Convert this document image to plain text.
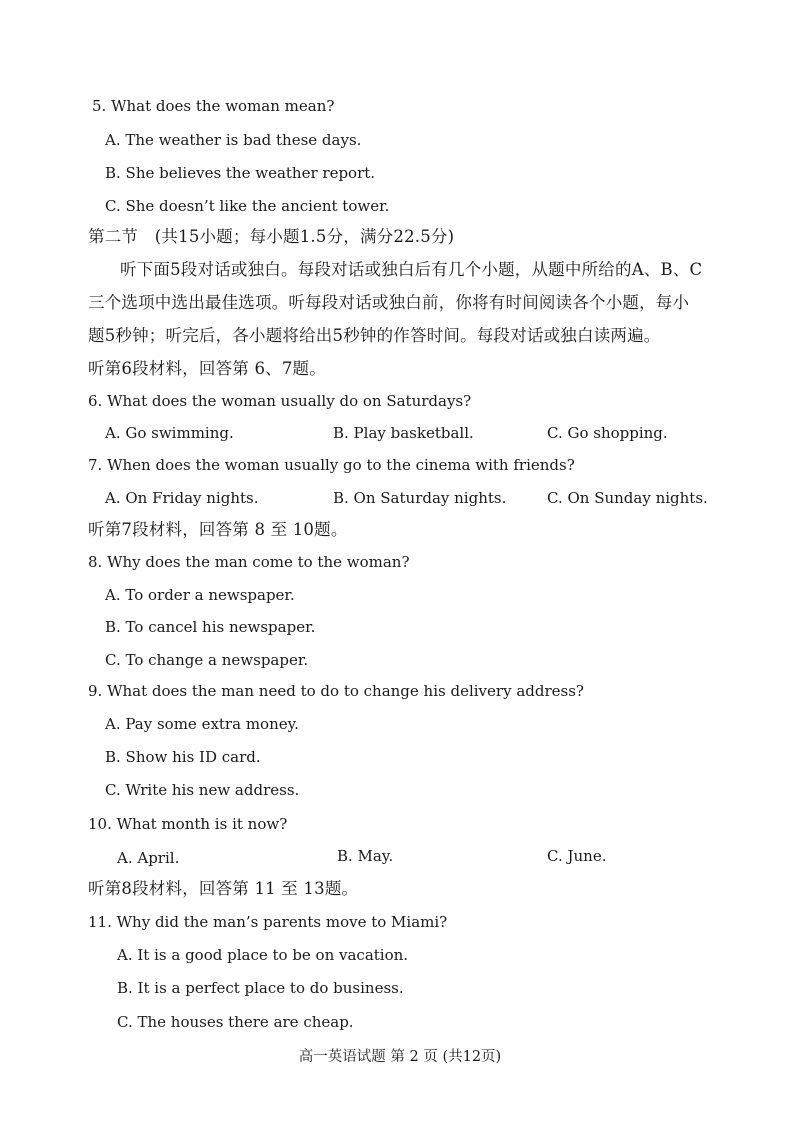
5. What does the woman mean?
A. The weather is bad these days.
B. She believes the weather report.
C. She doesn’t like the ancient tower.
第二节　(共15小题；每小题1.5分，满分22.5分)
听下面5段对话或独白。每段对话或独白后有几个小题，从题中所给的A、B、C
三个选项中选出最佳选项。听每段对话或独白前，你将有时间阅读各个小题，每小
题5秒钟；听完后，各小题将给出5秒钟的作答时间。每段对话或独白读两遍。
听第6段材料，回答第 6、7题。
6. What does the woman usually do on Saturdays?
A. Go swimming.	B. Play basketball.	C. Go shopping.
7. When does the woman usually go to the cinema with friends?
A. On Friday nights.	B. On Saturday nights.	C. On Sunday nights.
听第7段材料，回答第 8 至 10题。
8. Why does the man come to the woman?
A. To order a newspaper.
B. To cancel his newspaper.
C. To change a newspaper.
9. What does the man need to do to change his delivery address?
A. Pay some extra money.
B. Show his ID card.
C. Write his new address.
10. What month is it now?
A. April.	B. May.	C. June.
听第8段材料，回答第 11 至 13题。
11. Why did the man’s parents move to Miami?
A. It is a good place to be on vacation.
B. It is a perfect place to do business.
C. The houses there are cheap.
高一英语试题 第 2 页 (共12页)
